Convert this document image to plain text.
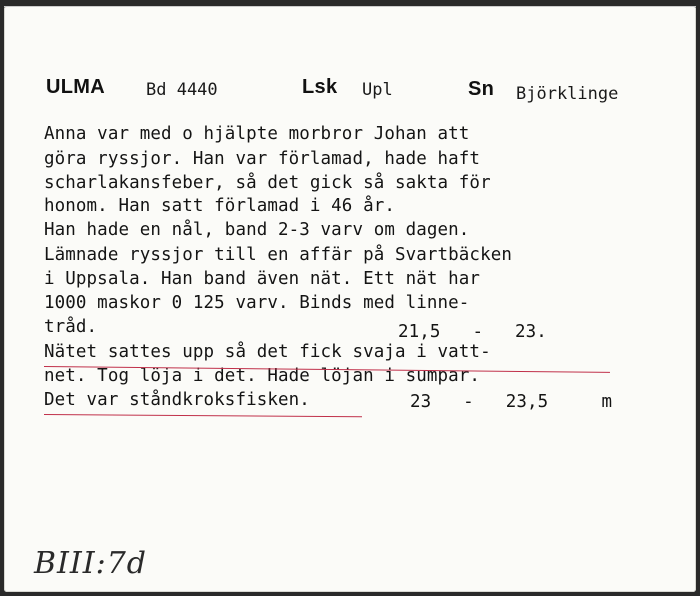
ULMA Bd 4440	Lsk Upl	Sn Björklinge
Anna var med o hjälpte morbror Johan att
göra ryssjor. Han var förlamad, hade haft
scharlakansfeber, så det gick så sakta för
honom. Han satt förlamad i 46 år.
Han hade en nål, band 2-3 varv om dagen.
Lämnade ryssjor till en affär på Svartbäcken
i Uppsala. Han band även nät. Ett nät har
1000 maskor 0 125 varv. Binds med linne-
tråd.	21,5   -   23.
Nätet sattes upp så det fick svaja i vatt-
net. Tog löja i det. Hade löjan i sumpar.
Det var ståndkroksfisken.	23   -   23,5     m
BIII:7d
